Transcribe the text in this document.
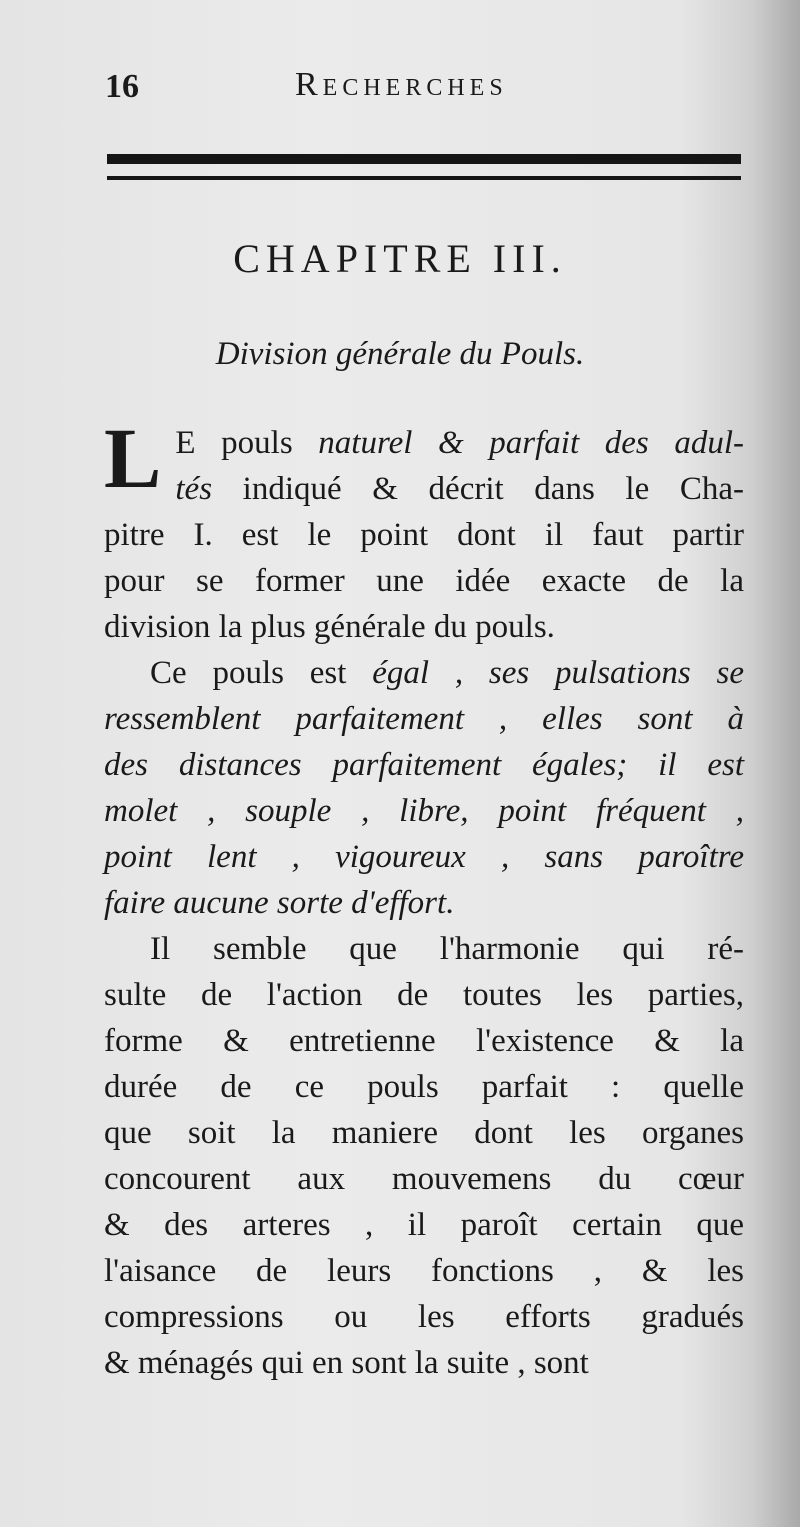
16	Recherches
CHAPITRE III.
Division générale du Pouls.
L E pouls naturel & parfait des adul-
tés indiqué & décrit dans le Cha-
pitre I. est le point dont il faut partir
pour se former une idée exacte de la
division la plus générale du pouls.
Ce pouls est égal , ses pulsations se
ressemblent parfaitement , elles sont à
des distances parfaitement égales; il est
molet , souple , libre, point fréquent ,
point lent , vigoureux , sans paroître
faire aucune sorte d'effort.
Il semble que l'harmonie qui ré-
sulte de l'action de toutes les parties,
forme & entretienne l'existence & la
durée de ce pouls parfait : quelle
que soit la maniere dont les organes
concourent aux mouvemens du cœur
& des arteres , il paroît certain que
l'aisance de leurs fonctions , & les
compressions ou les efforts gradués
& ménagés qui en sont la suite , sont
